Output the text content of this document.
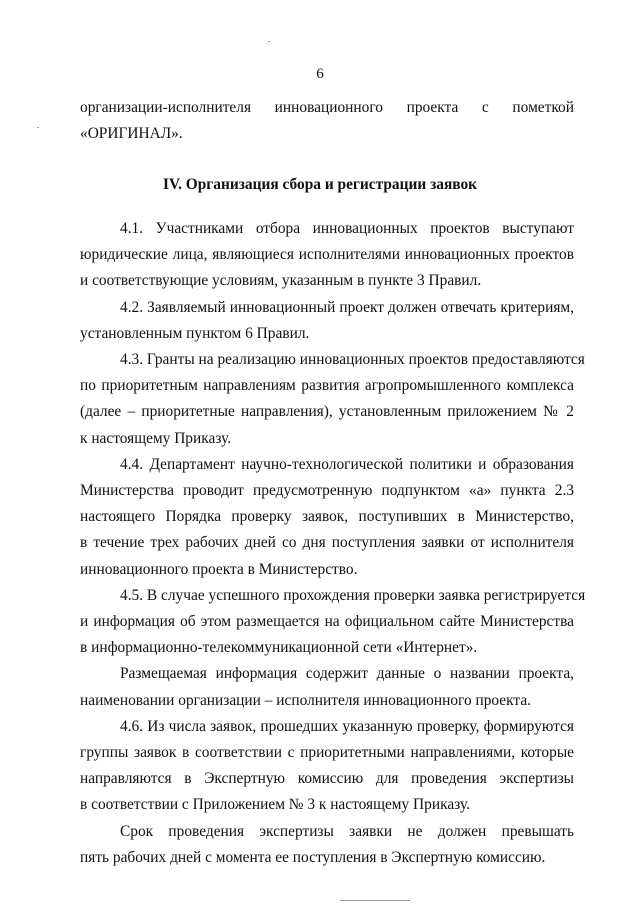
6
организации-исполнителя инновационного проекта с пометкой
«ОРИГИНАЛ».
IV. Организация сбора и регистрации заявок
4.1. Участниками отбора инновационных проектов выступают
юридические лица, являющиеся исполнителями инновационных проектов
и соответствующие условиям, указанным в пункте 3 Правил.
4.2. Заявляемый инновационный проект должен отвечать критериям,
установленным пунктом 6 Правил.
4.3. Гранты на реализацию инновационных проектов предоставляются
по приоритетным направлениям развития агропромышленного комплекса
(далее – приоритетные направления), установленным приложением № 2
к настоящему Приказу.
4.4. Департамент научно-технологической политики и образования
Министерства проводит предусмотренную подпунктом «а» пункта 2.3
настоящего Порядка проверку заявок, поступивших в Министерство,
в течение трех рабочих дней со дня поступления заявки от исполнителя
инновационного проекта в Министерство.
4.5. В случае успешного прохождения проверки заявка регистрируется
и информация об этом размещается на официальном сайте Министерства
в информационно-телекоммуникационной сети «Интернет».
Размещаемая информация содержит данные о названии проекта,
наименовании организации – исполнителя инновационного проекта.
4.6. Из числа заявок, прошедших указанную проверку, формируются
группы заявок в соответствии с приоритетными направлениями, которые
направляются в Экспертную комиссию для проведения экспертизы
в соответствии с Приложением № 3 к настоящему Приказу.
Срок проведения экспертизы заявки не должен превышать
пять рабочих дней с момента ее поступления в Экспертную комиссию.
